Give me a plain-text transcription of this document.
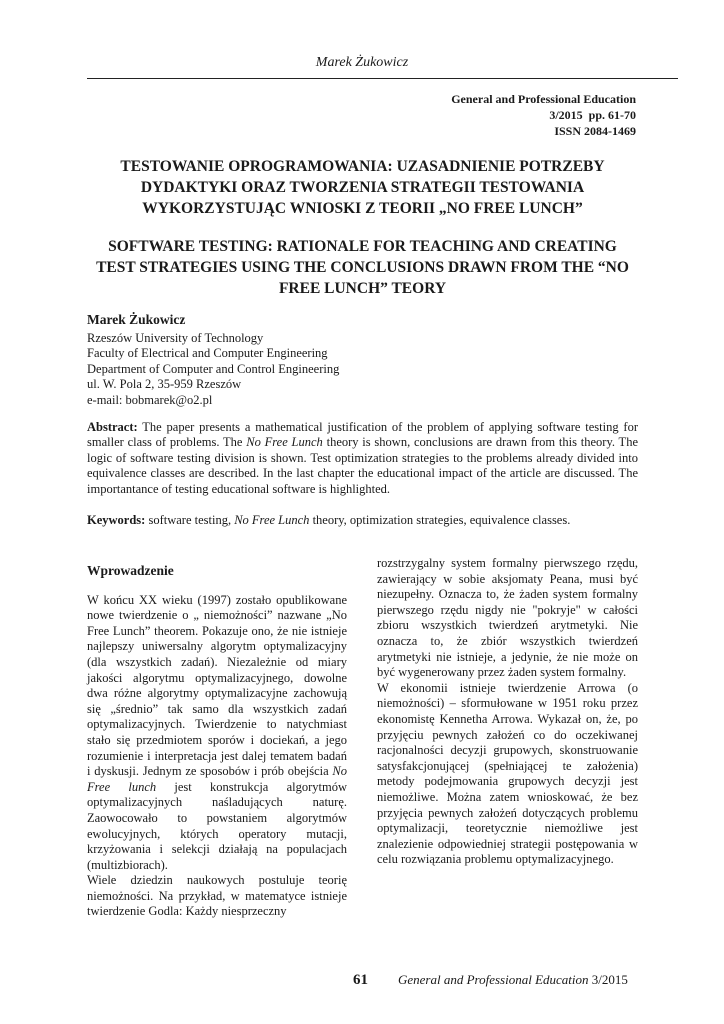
Marek Żukowicz
General and Professional Education
3/2015  pp. 61-70
ISSN 2084-1469
TESTOWANIE OPROGRAMOWANIA: UZASADNIENIE POTRZEBY DYDAKTYKI ORAZ TWORZENIA STRATEGII TESTOWANIA WYKORZYSTUJĄC WNIOSKI Z TEORII „NO FREE LUNCH”
SOFTWARE TESTING: RATIONALE FOR TEACHING AND CREATING TEST STRATEGIES USING THE CONCLUSIONS DRAWN FROM THE “NO FREE LUNCH” TEORY
Marek Żukowicz
Rzeszów University of Technology
Faculty of Electrical and Computer Engineering
Department of Computer and Control Engineering
ul. W. Pola 2, 35-959 Rzeszów
e-mail: bobmarek@o2.pl
Abstract: The paper presents a mathematical justification of the problem of applying software testing for smaller class of problems. The No Free Lunch theory is shown, conclusions are drawn from this theory. The logic of software testing division is shown. Test optimization strategies to the problems already divided into equivalence classes are described. In the last chapter the educational impact of the article are discussed. The importantance of testing educational software is highlighted.
Keywords: software testing, No Free Lunch theory, optimization strategies, equivalence classes.
Wprowadzenie

W końcu XX wieku (1997) zostało opublikowane nowe twierdzenie o „ niemożności” nazwane „No Free Lunch” theorem. Pokazuje ono, że nie istnieje najlepszy uniwersalny algorytm optymalizacyjny (dla wszystkich zadań). Niezależnie od miary jakości algorytmu optymalizacyjnego, dowolne dwa różne algorytmy optymalizacyjne zachowują się „średnio” tak samo dla wszystkich zadań optymalizacyjnych. Twierdzenie to natychmiast stało się przedmiotem sporów i dociekań, a jego rozumienie i interpretacja jest dalej tematem badań i dyskusji. Jednym ze sposobów i prób obejścia No Free lunch jest konstrukcja algorytmów optymalizacyjnych naśladujących naturę. Zaowocowało to powstaniem algorytmów ewolucyjnych, których operatory mutacji, krzyżowania i selekcji działają na populacjach (multizbiorach).

Wiele dziedzin naukowych postuluje teorię niemożności. Na przykład, w matematyce istnieje twierdzenie Godla: Każdy niesprzeczny

rozstrzygalny system formalny pierwszego rzędu, zawierający w sobie aksjomaty Peana, musi być niezupełny. Oznacza to, że żaden system formalny pierwszego rzędu nigdy nie "pokryje" w całości zbioru wszystkich twierdzeń arytmetyki. Nie oznacza to, że zbiór wszystkich twierdzeń arytmetyki nie istnieje, a jedynie, że nie może on być wygenerowany przez żaden system formalny.

W ekonomii istnieje twierdzenie Arrowa (o niemożności) – sformułowane w 1951 roku przez ekonomistę Kennetha Arrowa. Wykazał on, że, po przyjęciu pewnych założeń co do oczekiwanej racjonalności decyzji grupowych, skonstruowanie satysfakcjonującej (spełniającej te założenia) metody podejmowania grupowych decyzji jest niemożliwe. Można zatem wnioskować, że bez przyjęcia pewnych założeń dotyczących problemu optymalizacji, teoretycznie niemożliwe jest znalezienie odpowiedniej strategii postępowania w celu rozwiązania problemu optymalizacyjnego.

61 General and Professional Education 3/2015
